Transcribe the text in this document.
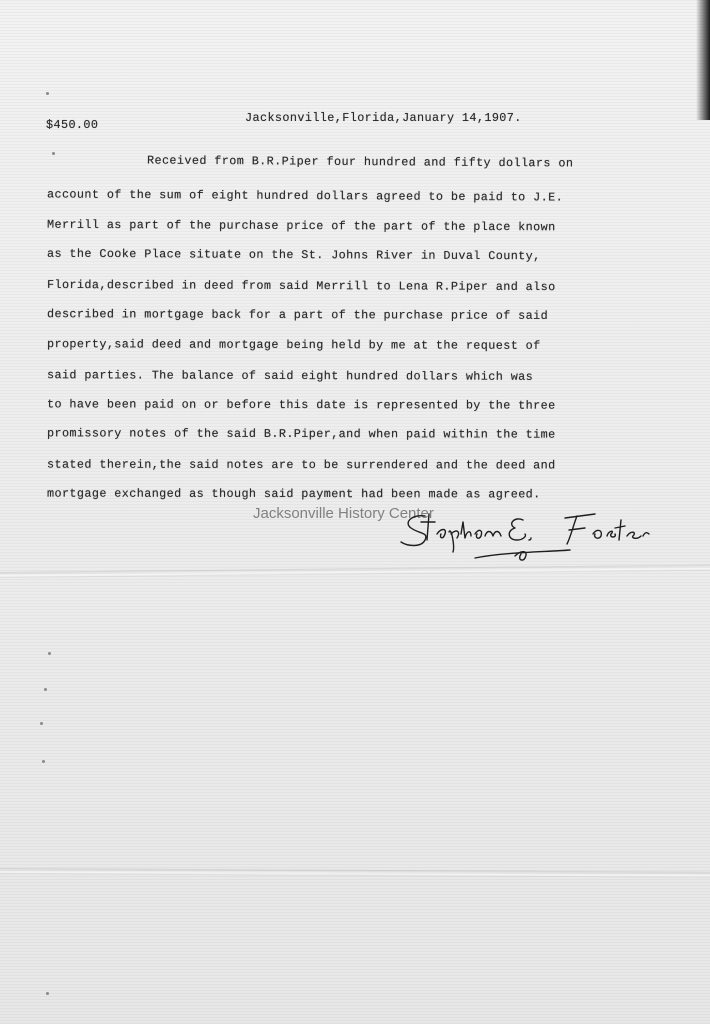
$450.00	Jacksonville,Florida,January 14,1907.
Received from B.R.Piper four hundred and fifty dollars on
account of the sum of eight hundred dollars agreed to be paid to J.E.
Merrill as part of the purchase price of the part of the place known
as the Cooke Place situate on the St. Johns River in Duval County,
Florida,described in deed from said Merrill to Lena R.Piper and also
described in mortgage back for a part of the purchase price of said
property,said deed and mortgage being held by me at the request of
said parties. The balance of said eight hundred dollars which was
to have been paid on or before this date is represented by the three
promissory notes of the said B.R.Piper,and when paid within the time
stated therein,the said notes are to be surrendered and the deed and
mortgage exchanged as though said payment had been made as agreed.
Jacksonville History Center
